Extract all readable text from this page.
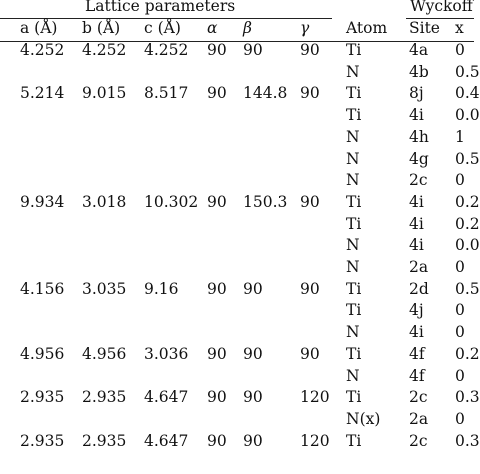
Lattice parameters	Wyckoff
a (Å) b (Å) c (Å) α β	γ Atom Site x
4.252 4.252 4.252 90 90 90 Ti	4a 0
N	4b 0.5
5.214 9.015 8.517 90 144.8 90 Ti	8j 0.4
Ti	4i 0.0
N	4h 1
N	4g 0.5
N	2c 0
9.934 3.018 10.302 90 150.3 90 Ti	4i 0.2
Ti	4i 0.2
N	4i 0.0
N	2a 0
4.156 3.035 9.16 90 90 90 Ti	2d 0.5
Ti	4j 0
N	4i 0
4.956 4.956 3.036 90 90 90 Ti	4f 0.2
N	4f 0
2.935 2.935 4.647 90 90 120 Ti	2c 0.3
N(x) 2a 0
2.935 2.935 4.647 90 90 120 Ti	2c 0.3
